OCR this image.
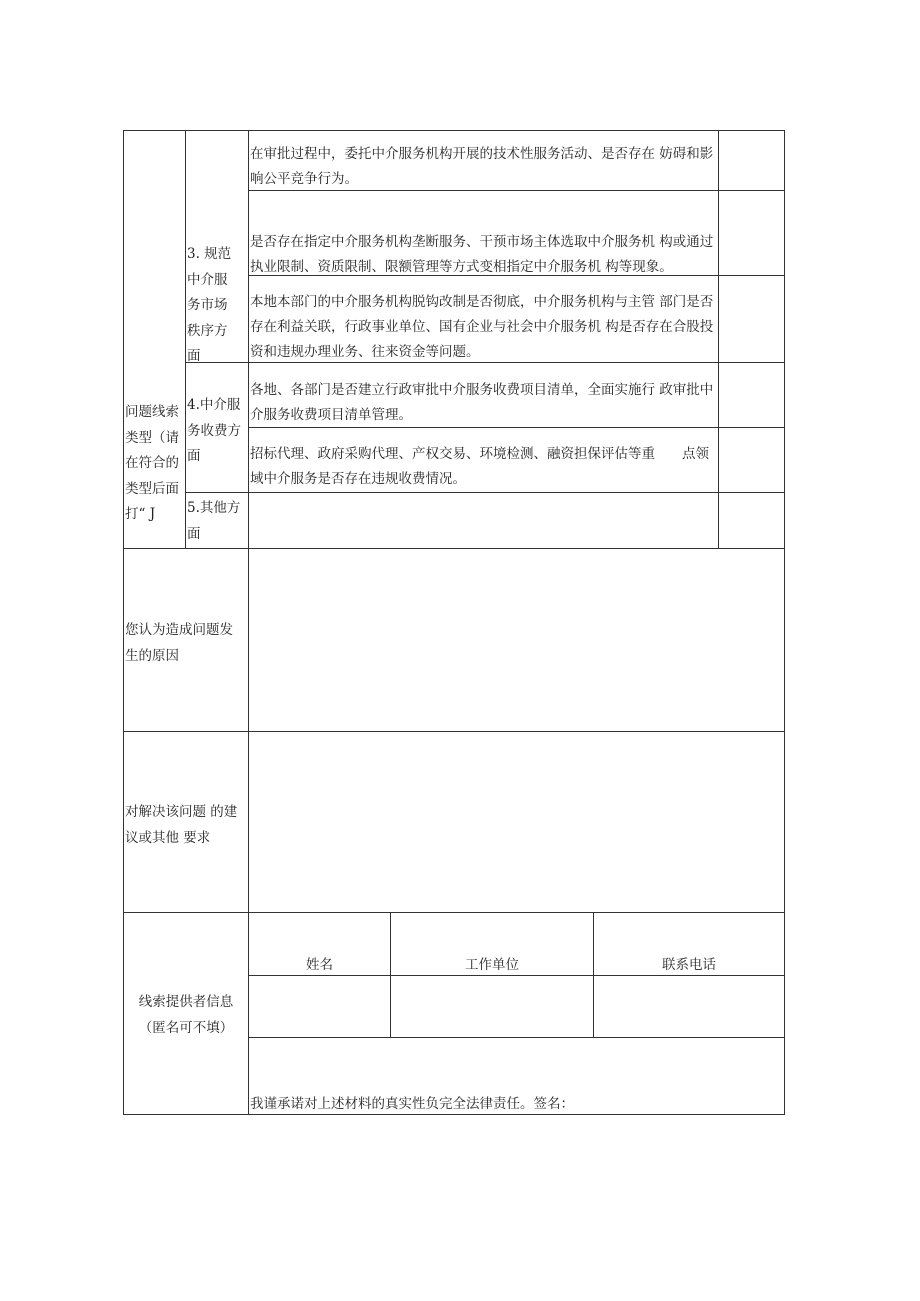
问题线索类型（请在符合的类型后面打“ J
3. 规范中介服务市场秩序方面
4.中介服务收费方面
5.其他方面
在审批过程中，委托中介服务机构开展的技术性服务活动、是否存在 妨碍和影响公平竞争行为。
是否存在指定中介服务机构垄断服务、干预市场主体选取中介服务机 构或通过执业限制、资质限制、限额管理等方式变相指定中介服务机 构等现象。
本地本部门的中介服务机构脱钩改制是否彻底，中介服务机构与主管 部门是否存在利益关联，行政事业单位、国有企业与社会中介服务机 构是否存在合股投资和违规办理业务、往来资金等问题。
各地、各部门是否建立行政审批中介服务收费项目清单，全面实施行 政审批中介服务收费项目清单管理。
招标代理、政府采购代理、产权交易、环境检测、融资担保评估等重　　点领域中介服务是否存在违规收费情况。
您认为造成问题发生的原因
对解决该问题 的建议或其他 要求
线索提供者信息（匿名可不填）
姓名	工作单位	联系电话
我谨承诺对上述材料的真实性负完全法律责任。签名：
